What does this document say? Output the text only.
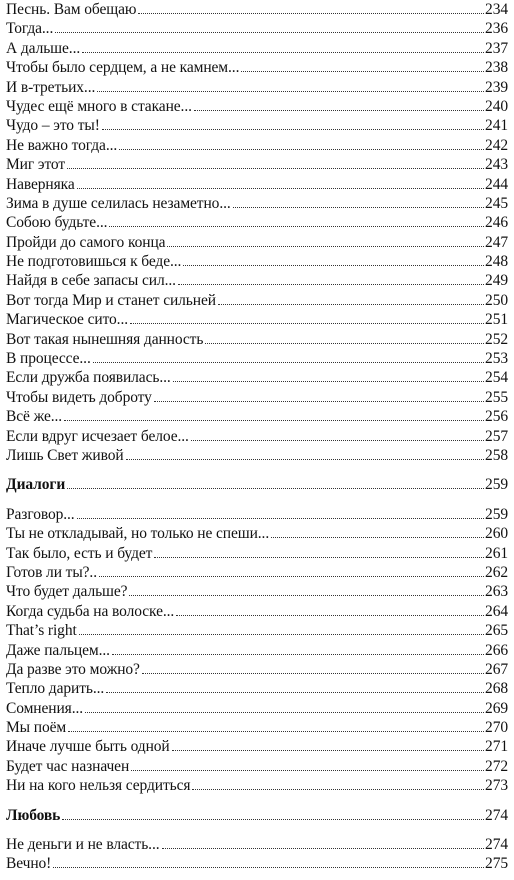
Песнь. Вам обещаю	234
Тогда...	236
А дальше...	237
Чтобы было сердцем, а не камнем...	238
И в-третьих...	239
Чудес ещё много в стакане...	240
Чудо – это ты!	241
Не важно тогда...	242
Миг этот	243
Наверняка	244
Зима в душе селилась незаметно...	245
Собою будьте...	246
Пройди до самого конца	247
Не подготовишься к беде...	248
Найдя в себе запасы сил...	249
Вот тогда Мир и станет сильней	250
Магическое сито...	251
Вот такая нынешняя данность	252
В процессе...	253
Если дружба появилась...	254
Чтобы видеть доброту	255
Всё же...	256
Если вдруг исчезает белое...	257
Лишь Свет живой	258
Диалоги	259
Разговор...	259
Ты не откладывай, но только не спеши...	260
Так было, есть и будет	261
Готов ли ты?..	262
Что будет дальше?	263
Когда судьба на волоске...	264
That’s right	265
Даже пальцем...	266
Да разве это можно?	267
Тепло дарить...	268
Сомнения...	269
Мы поём	270
Иначе лучше быть одной	271
Будет час назначен	272
Ни на кого нельзя сердиться	273
Любовь	274
Не деньги и не власть...	274
Вечно!	275
